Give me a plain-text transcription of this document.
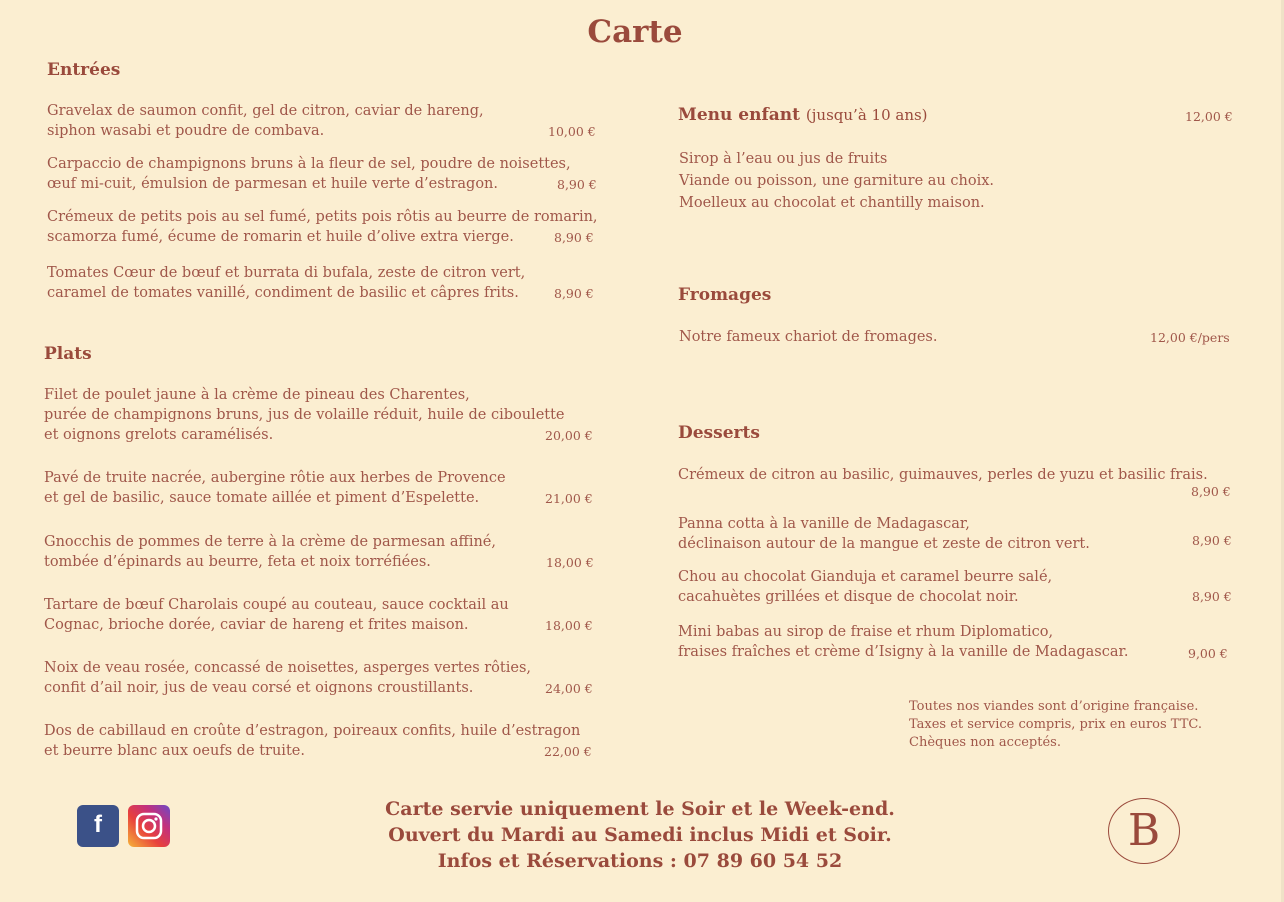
Carte
Entrées
Gravelax de saumon confit, gel de citron, caviar de hareng,
siphon wasabi et poudre de combava.	10,00 €
Carpaccio de champignons bruns à la fleur de sel, poudre de noisettes,
œuf mi-cuit, émulsion de parmesan et huile verte d’estragon.	8,90 €
Crémeux de petits pois au sel fumé, petits pois rôtis au beurre de romarin,
scamorza fumé, écume de romarin et huile d’olive extra vierge.	8,90 €
Tomates Cœur de bœuf et burrata di bufala, zeste de citron vert,
caramel de tomates vanillé, condiment de basilic et câpres frits.	8,90 €
Plats
Filet de poulet jaune à la crème de pineau des Charentes,
purée de champignons bruns, jus de volaille réduit, huile de ciboulette
et oignons grelots caramélisés.	20,00 €
Pavé de truite nacrée, aubergine rôtie aux herbes de Provence
et gel de basilic, sauce tomate aillée et piment d’Espelette.	21,00 €
Gnocchis de pommes de terre à la crème de parmesan affiné,
tombée d’épinards au beurre, feta et noix torréfiées.	18,00 €
Tartare de bœuf Charolais coupé au couteau, sauce cocktail au
Cognac, brioche dorée, caviar de hareng et frites maison.	18,00 €
Noix de veau rosée, concassé de noisettes, asperges vertes rôties,
confit d’ail noir, jus de veau corsé et oignons croustillants.	24,00 €
Dos de cabillaud en croûte d’estragon, poireaux confits, huile d’estragon
et beurre blanc aux oeufs de truite.	22,00 €
Menu enfant (jusqu’à 10 ans)	12,00 €
Sirop à l’eau ou jus de fruits
Viande ou poisson, une garniture au choix.
Moelleux au chocolat et chantilly maison.
Fromages
Notre fameux chariot de fromages.	12,00 €/pers
Desserts
Crémeux de citron au basilic, guimauves, perles de yuzu et basilic frais.
8,90 €
Panna cotta à la vanille de Madagascar,
déclinaison autour de la mangue et zeste de citron vert.	8,90 €
Chou au chocolat Gianduja et caramel beurre salé,
cacahuètes grillées et disque de chocolat noir.	8,90 €
Mini babas au sirop de fraise et rhum Diplomatico,
fraises fraîches et crème d’Isigny à la vanille de Madagascar.	9,00 €
Toutes nos viandes sont d’origine française.
Taxes et service compris, prix en euros TTC.
Chèques non acceptés.
f
Carte servie uniquement le Soir et le Week-end.
Ouvert du Mardi au Samedi inclus Midi et Soir.
Infos et Réservations : 07 89 60 54 52
B
